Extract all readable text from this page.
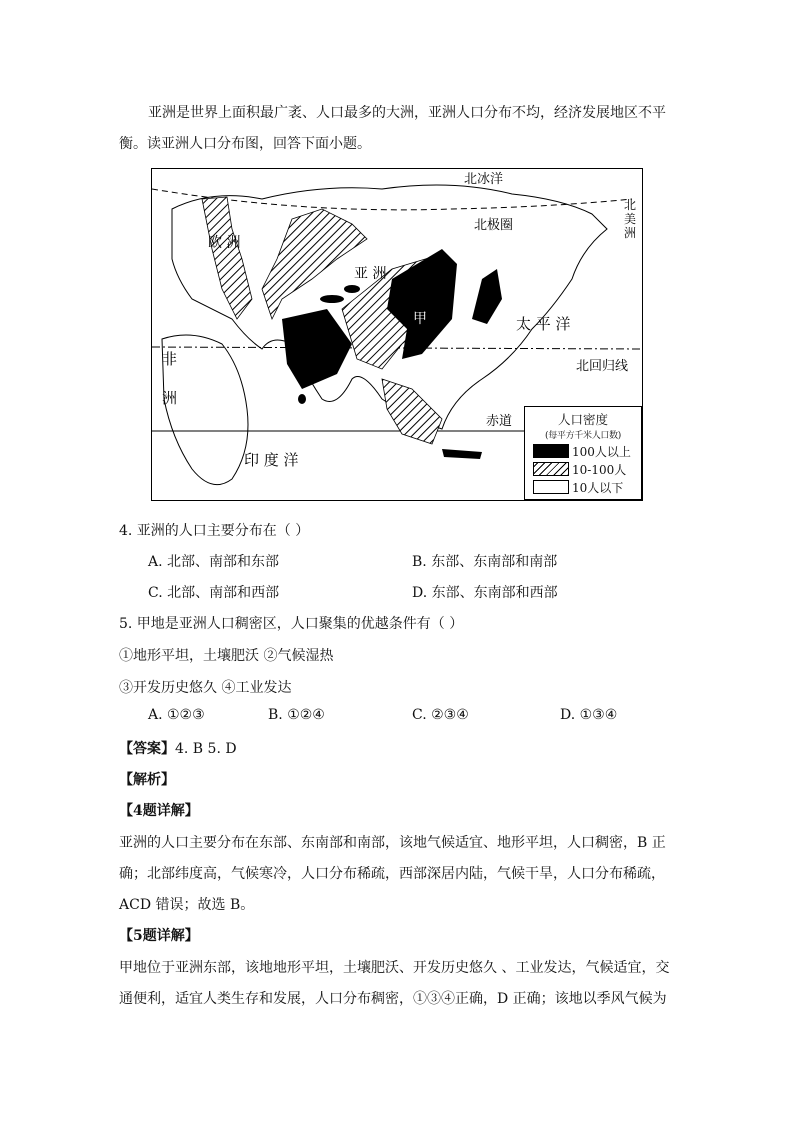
亚洲是世界上面积最广袤、人口最多的大洲，亚洲人口分布不均，经济发展地区不平
衡。读亚洲人口分布图，回答下面小题。
北冰洋
北极圈
欧 洲
亚 洲
北
美
洲
甲	太 平 洋
非
洲
北回归线
赤道
印 度 洋
人口密度
(每平方千米人口数)
100人以上
10-100人
10人以下
4. 亚洲的人口主要分布在（ ）
A. 北部、南部和东部	B. 东部、东南部和南部
C. 北部、南部和西部	D. 东部、东南部和西部
5. 甲地是亚洲人口稠密区，人口聚集的优越条件有（ ）
①地形平坦，土壤肥沃 ②气候湿热
③开发历史悠久 ④工业发达
A. ①②③	B. ①②④	C. ②③④	D. ①③④
【答案】4. B 5. D
【解析】
【4题详解】
亚洲的人口主要分布在东部、东南部和南部，该地气候适宜、地形平坦，人口稠密，B 正
确；北部纬度高，气候寒冷，人口分布稀疏，西部深居内陆，气候干旱，人口分布稀疏，
ACD 错误；故选 B。
【5题详解】
甲地位于亚洲东部，该地地形平坦，土壤肥沃、开发历史悠久 、工业发达，气候适宜，交
通便利，适宜人类生存和发展，人口分布稠密，①③④正确，D 正确；该地以季风气候为
